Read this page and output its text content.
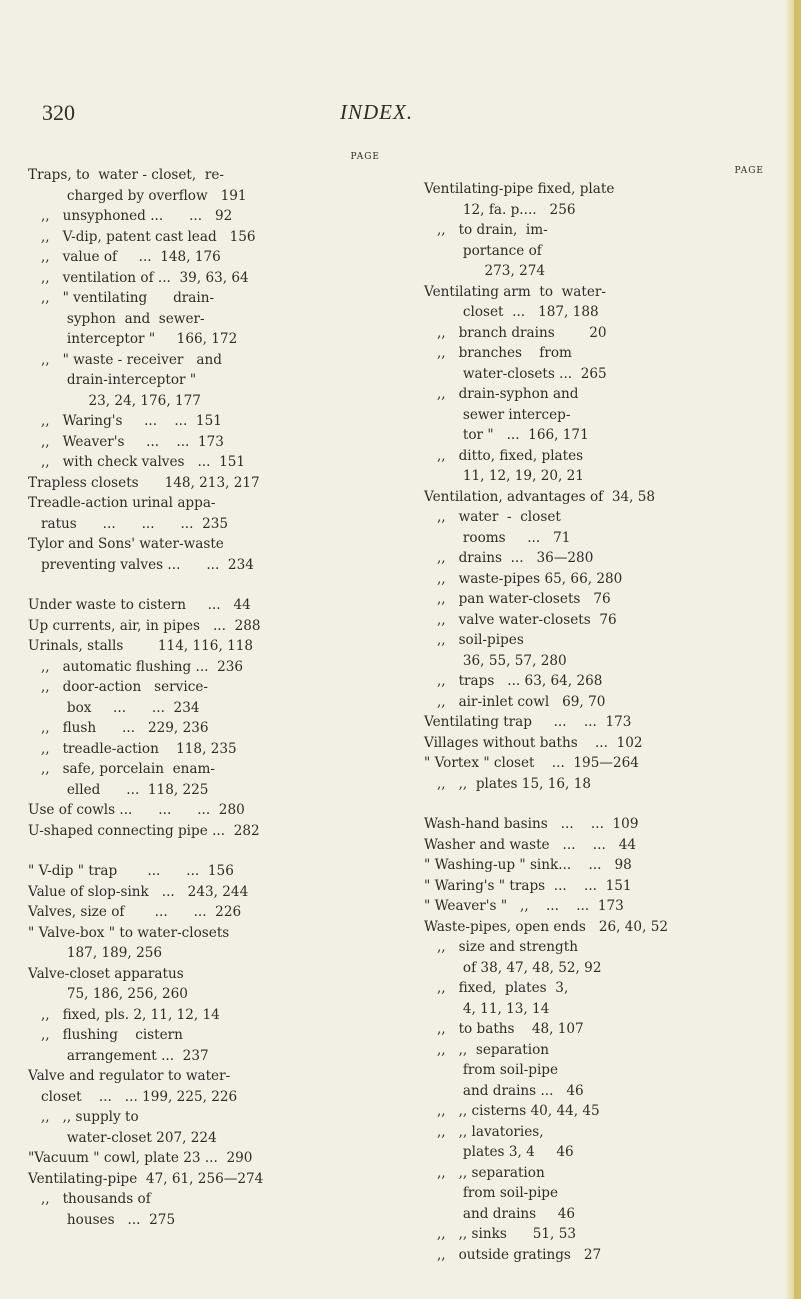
320	INDEX.
PAGE
Traps, to  water - closet,  re-
charged by overflow   191
,,   unsyphoned ...      ...   92
,,   V-dip, patent cast lead   156
,,   value of     ...  148, 176
,,   ventilation of ...  39, 63, 64
,,   " ventilating      drain-
syphon  and  sewer-
interceptor "     166, 172
,,   " waste - receiver   and
drain-interceptor "
23, 24, 176, 177
,,   Waring's     ...    ...  151
,,   Weaver's     ...    ...  173
,,   with check valves   ...  151
Trapless closets      148, 213, 217
Treadle-action urinal appa-
ratus      ...      ...      ...  235
Tylor and Sons' water-waste
preventing valves ...      ...  234
Under waste to cistern     ...   44
Up currents, air, in pipes   ...  288
Urinals, stalls        114, 116, 118
,,   automatic flushing ...  236
,,   door-action   service-
box     ...      ...  234
,,   flush      ...   229, 236
,,   treadle-action    118, 235
,,   safe, porcelain  enam-
elled      ...  118, 225
Use of cowls ...      ...      ...  280
U-shaped connecting pipe ...  282
" V-dip " trap       ...      ...  156
Value of slop-sink   ...   243, 244
Valves, size of       ...      ...  226
" Valve-box " to water-closets
187, 189, 256
Valve-closet apparatus
75, 186, 256, 260
,,   fixed, pls. 2, 11, 12, 14
,,   flushing    cistern
arrangement ...  237
Valve and regulator to water-
closet    ...   ... 199, 225, 226
,,   ,, supply to
water-closet 207, 224
"Vacuum " cowl, plate 23 ...  290
Ventilating-pipe  47, 61, 256—274
,,   thousands of
houses   ...  275
PAGE
Ventilating-pipe fixed, plate
12, fa. p....   256
,,   to drain,  im-
portance of
273, 274
Ventilating arm  to  water-
closet  ...   187, 188
,,   branch drains        20
,,   branches    from
water-closets ...  265
,,   drain-syphon and
sewer intercep-
tor "   ...  166, 171
,,   ditto, fixed, plates
11, 12, 19, 20, 21
Ventilation, advantages of  34, 58
,,   water  -  closet
rooms     ...   71
,,   drains  ...   36—280
,,   waste-pipes 65, 66, 280
,,   pan water-closets   76
,,   valve water-closets  76
,,   soil-pipes
36, 55, 57, 280
,,   traps   ... 63, 64, 268
,,   air-inlet cowl   69, 70
Ventilating trap     ...    ...  173
Villages without baths    ...  102
" Vortex " closet    ...  195—264
,,   ,,  plates 15, 16, 18
Wash-hand basins   ...    ...  109
Washer and waste   ...    ...   44
" Washing-up " sink...    ...   98
" Waring's " traps  ...    ...  151
" Weaver's "   ,,    ...    ...  173
Waste-pipes, open ends   26, 40, 52
,,   size and strength
of 38, 47, 48, 52, 92
,,   fixed,  plates  3,
4, 11, 13, 14
,,   to baths    48, 107
,,   ,,  separation
from soil-pipe
and drains ...   46
,,   ,, cisterns 40, 44, 45
,,   ,, lavatories,
plates 3, 4     46
,,   ,, separation
from soil-pipe
and drains     46
,,   ,, sinks      51, 53
,,   outside gratings   27
